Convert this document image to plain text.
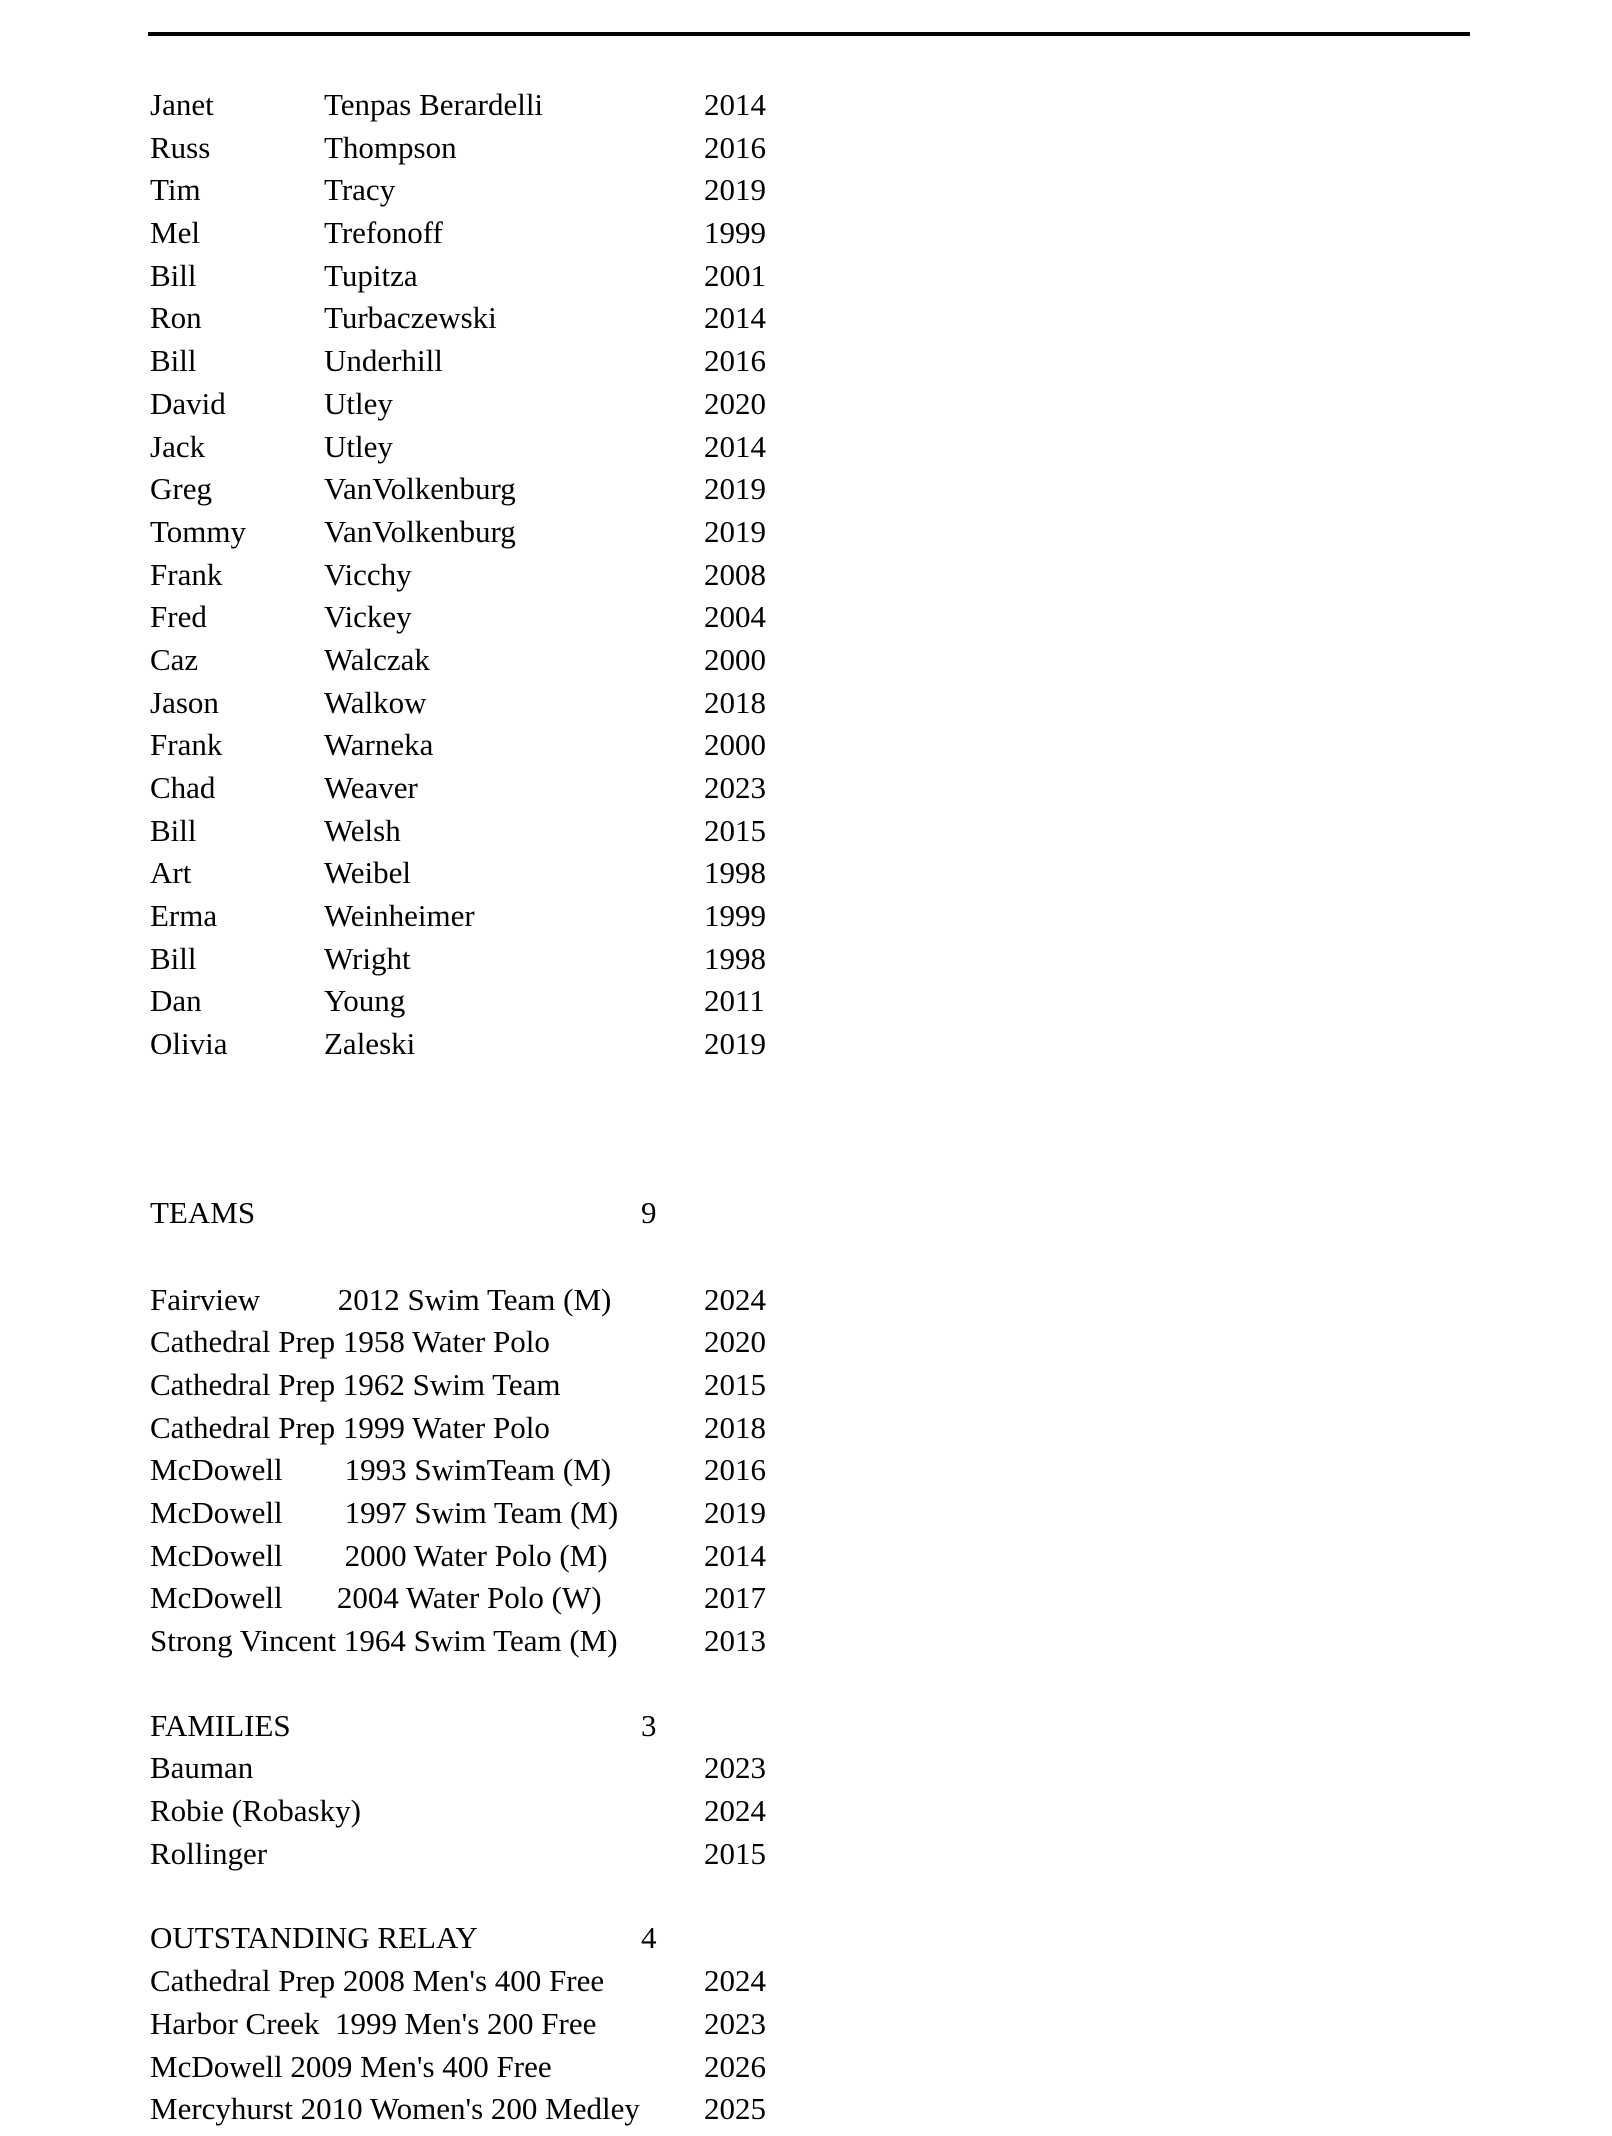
Janet	Tenpas Berardelli	2014
Russ	Thompson	2016
Tim	Tracy	2019
Mel	Trefonoff	1999
Bill	Tupitza	2001
Ron	Turbaczewski	2014
Bill	Underhill	2016
David	Utley	2020
Jack	Utley	2014
Greg	VanVolkenburg	2019
Tommy	VanVolkenburg	2019
Frank	Vicchy	2008
Fred	Vickey	2004
Caz	Walczak	2000
Jason	Walkow	2018
Frank	Warneka	2000
Chad	Weaver	2023
Bill	Welsh	2015
Art	Weibel	1998
Erma	Weinheimer	1999
Bill	Wright	1998
Dan	Young	2011
Olivia	Zaleski	2019
TEAMS	9
Fairview          2012 Swim Team (M)	2024
Cathedral Prep 1958 Water Polo	2020
Cathedral Prep 1962 Swim Team	2015
Cathedral Prep 1999 Water Polo	2018
McDowell        1993 SwimTeam (M)	2016
McDowell        1997 Swim Team (M)	2019
McDowell        2000 Water Polo (M)	2014
McDowell       2004 Water Polo (W)	2017
Strong Vincent 1964 Swim Team (M)	2013
FAMILIES	3
Bauman	2023
Robie (Robasky)	2024
Rollinger	2015
OUTSTANDING RELAY	4
Cathedral Prep 2008 Men's 400 Free	2024
Harbor Creek  1999 Men's 200 Free	2023
McDowell 2009 Men's 400 Free	2026
Mercyhurst 2010 Women's 200 Medley 2025
